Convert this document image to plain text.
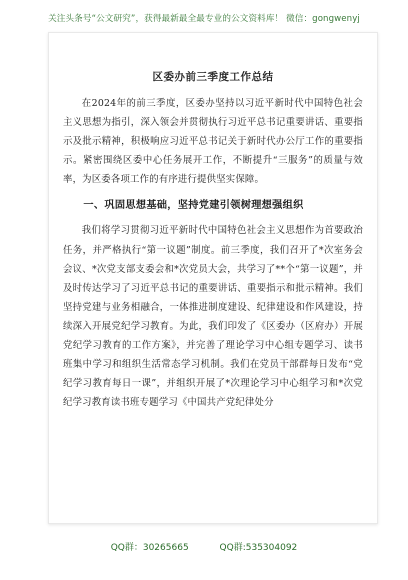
关注头条号“公文研究”，获得最新最全最专业的公文资料库！ 微信：gongwenyj
区委办前三季度工作总结

在2024年的前三季度，区委办坚持以习近平新时代中国特色社会主义思想为指引，深入领会并贯彻执行习近平总书记重要讲话、重要指示及批示精神，积极响应习近平总书记关于新时代办公厅工作的重要指示。紧密围绕区委中心任务展开工作，不断提升“三服务”的质量与效率，为区委各项工作的有序进行提供坚实保障。

一、巩固思想基础，坚持党建引领树理想强组织

我们将学习贯彻习近平新时代中国特色社会主义思想作为首要政治任务，并严格执行“第一议题”制度。前三季度，我们召开了*次室务会会议、*次党支部支委会和*次党员大会，共学习了**个“第一议题”，并及时传达学习了习近平总书记的重要讲话、重要指示和批示精神。我们坚持党建与业务相融合，一体推进制度建设、纪律建设和作风建设，持续深入开展党纪学习教育。为此，我们印发了《区委办（区府办）开展党纪学习教育的工作方案》，并完善了理论学习中心组专题学习、读书班集中学习和组织生活常态学习机制。我们在党员干部群每日发布“党纪学习教育每日一课”，并组织开展了*次理论学习中心组学习和*次党纪学习教育读书班专题学习《中国共产党纪律处分

QQ群：30265665	QQ群:535304092
